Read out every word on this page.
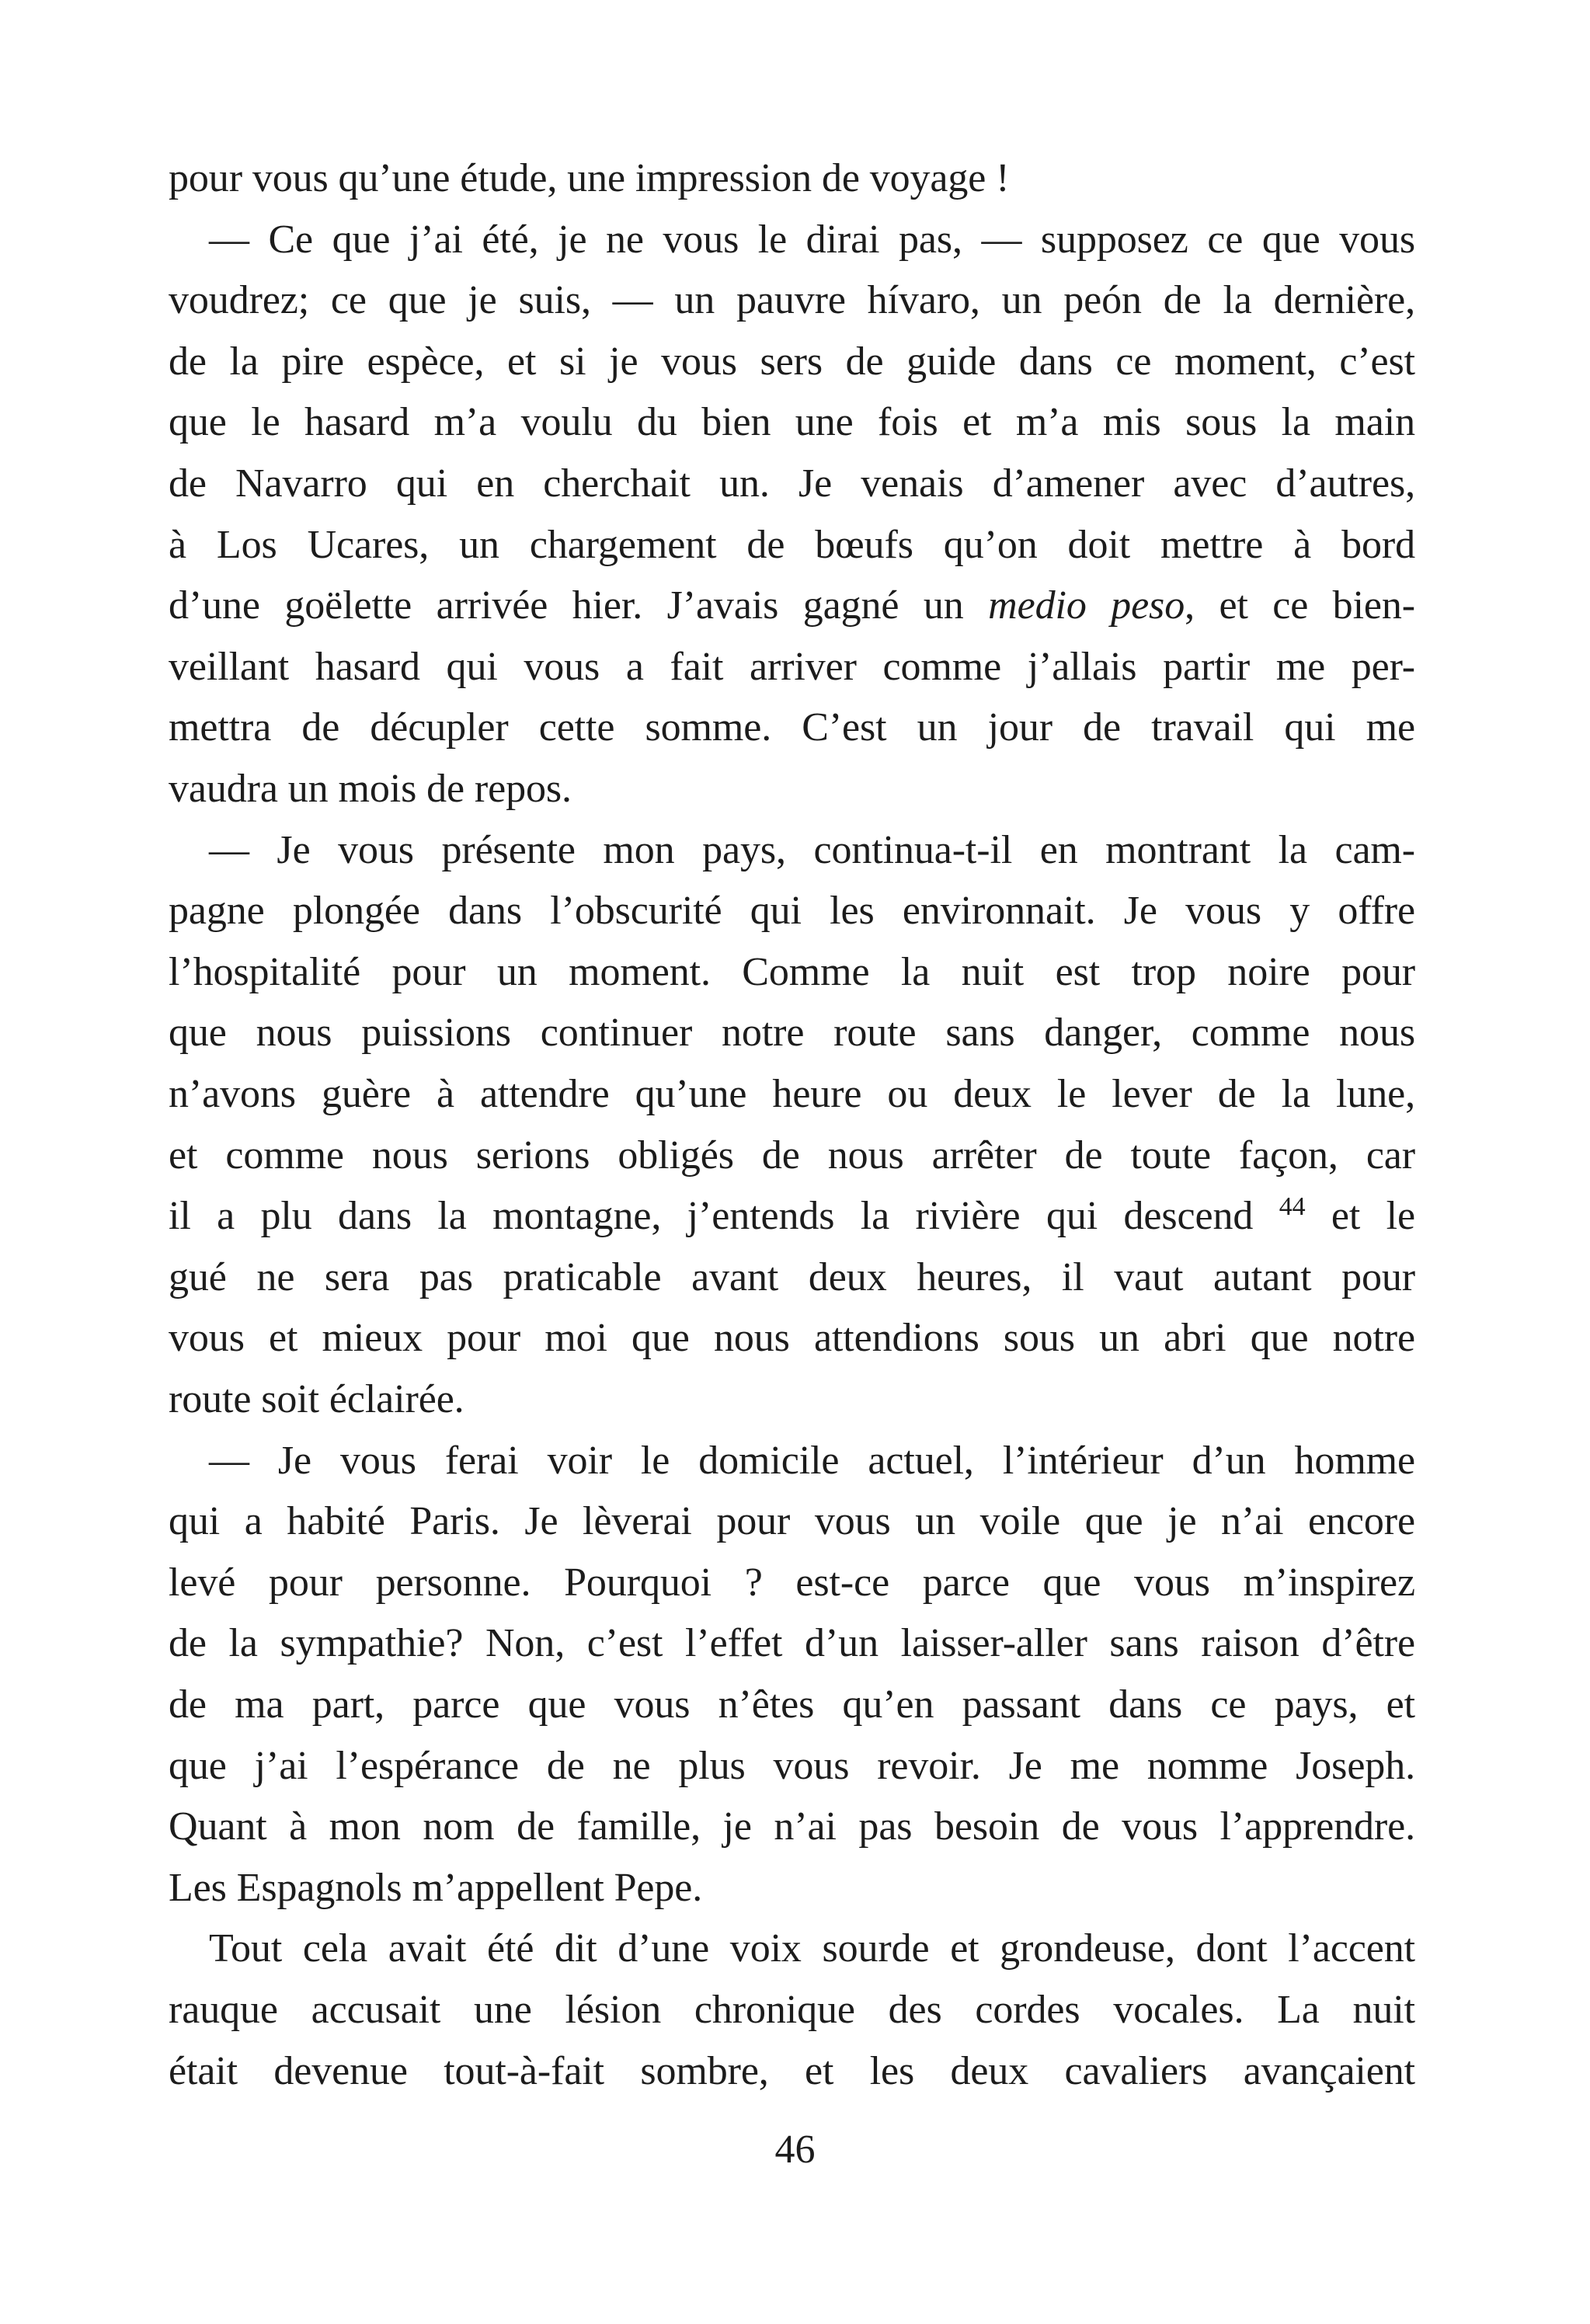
pour vous qu’une étude, une impression de voyage !
— Ce que j’ai été, je ne vous le dirai pas, — supposez ce que vous
voudrez; ce que je suis, — un pauvre hívaro, un peón de la dernière,
de la pire espèce, et si je vous sers de guide dans ce moment, c’est
que le hasard m’a voulu du bien une fois et m’a mis sous la main
de Navarro qui en cherchait un. Je venais d’amener avec d’autres,
à Los Ucares, un chargement de bœufs qu’on doit mettre à bord
d’une goëlette arrivée hier. J’avais gagné un medio peso, et ce bien-
veillant hasard qui vous a fait arriver comme j’allais partir me per-
mettra de décupler cette somme. C’est un jour de travail qui me
vaudra un mois de repos.
— Je vous présente mon pays, continua-t-il en montrant la cam-
pagne plongée dans l’obscurité qui les environnait. Je vous y offre
l’hospitalité pour un moment. Comme la nuit est trop noire pour
que nous puissions continuer notre route sans danger, comme nous
n’avons guère à attendre qu’une heure ou deux le lever de la lune,
et comme nous serions obligés de nous arrêter de toute façon, car
il a plu dans la montagne, j’entends la rivière qui descend $^{44}$ et le
gué ne sera pas praticable avant deux heures, il vaut autant pour
vous et mieux pour moi que nous attendions sous un abri que notre
route soit éclairée.
— Je vous ferai voir le domicile actuel, l’intérieur d’un homme
qui a habité Paris. Je lèverai pour vous un voile que je n’ai encore
levé pour personne. Pourquoi ? est-ce parce que vous m’inspirez
de la sympathie? Non, c’est l’effet d’un laisser-aller sans raison d’être
de ma part, parce que vous n’êtes qu’en passant dans ce pays, et
que j’ai l’espérance de ne plus vous revoir. Je me nomme Joseph.
Quant à mon nom de famille, je n’ai pas besoin de vous l’apprendre.
Les Espagnols m’appellent Pepe.
Tout cela avait été dit d’une voix sourde et grondeuse, dont l’accent
rauque accusait une lésion chronique des cordes vocales. La nuit
était devenue tout-à-fait sombre, et les deux cavaliers avançaient
46
